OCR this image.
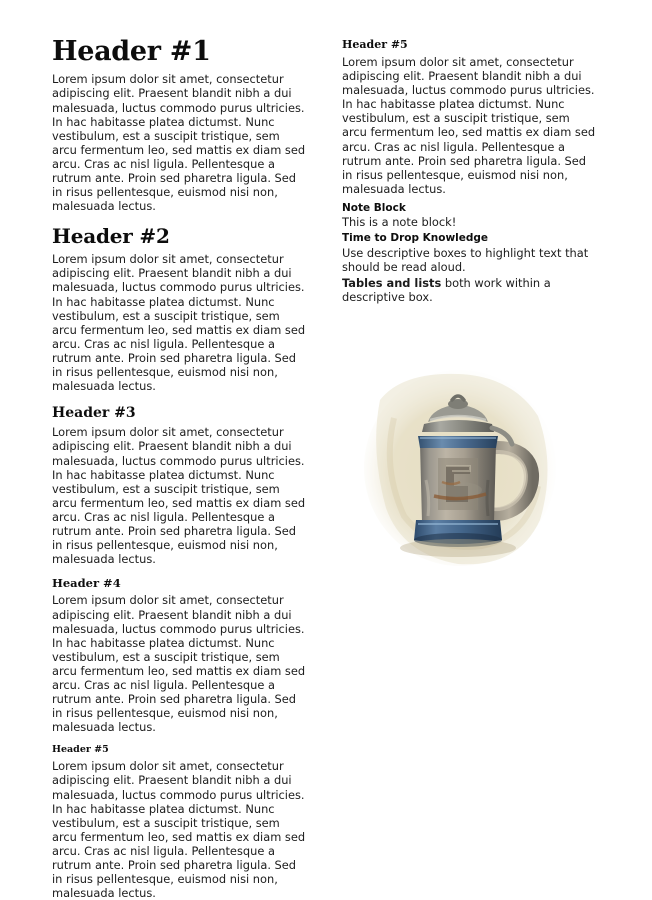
Header #1

Lorem ipsum dolor sit amet, consectetur adipiscing elit. Praesent blandit nibh a dui malesuada, luctus commodo purus ultricies. In hac habitasse platea dictumst. Nunc vestibulum, est a suscipit tristique, sem arcu fermentum leo, sed mattis ex diam sed arcu. Cras ac nisl ligula. Pellentesque a rutrum ante. Proin sed pharetra ligula. Sed in risus pellentesque, euismod nisi non, malesuada lectus.

Header #2

Lorem ipsum dolor sit amet, consectetur adipiscing elit. Praesent blandit nibh a dui malesuada, luctus commodo purus ultricies. In hac habitasse platea dictumst. Nunc vestibulum, est a suscipit tristique, sem arcu fermentum leo, sed mattis ex diam sed arcu. Cras ac nisl ligula. Pellentesque a rutrum ante. Proin sed pharetra ligula. Sed in risus pellentesque, euismod nisi non, malesuada lectus.

Header #3

Lorem ipsum dolor sit amet, consectetur adipiscing elit. Praesent blandit nibh a dui malesuada, luctus commodo purus ultricies. In hac habitasse platea dictumst. Nunc vestibulum, est a suscipit tristique, sem arcu fermentum leo, sed mattis ex diam sed arcu. Cras ac nisl ligula. Pellentesque a rutrum ante. Proin sed pharetra ligula. Sed in risus pellentesque, euismod nisi non, malesuada lectus.

Header #4

Lorem ipsum dolor sit amet, consectetur adipiscing elit. Praesent blandit nibh a dui malesuada, luctus commodo purus ultricies. In hac habitasse platea dictumst. Nunc vestibulum, est a suscipit tristique, sem arcu fermentum leo, sed mattis ex diam sed arcu. Cras ac nisl ligula. Pellentesque a rutrum ante. Proin sed pharetra ligula. Sed in risus pellentesque, euismod nisi non, malesuada lectus.

Header #5

Lorem ipsum dolor sit amet, consectetur adipiscing elit. Praesent blandit nibh a dui malesuada, luctus commodo purus ultricies. In hac habitasse platea dictumst. Nunc vestibulum, est a suscipit tristique, sem arcu fermentum leo, sed mattis ex diam sed arcu. Cras ac nisl ligula. Pellentesque a rutrum ante. Proin sed pharetra ligula. Sed in risus pellentesque, euismod nisi non, malesuada lectus.

Header #5

Lorem ipsum dolor sit amet, consectetur adipiscing elit. Praesent blandit nibh a dui malesuada, luctus commodo purus ultricies. In hac habitasse platea dictumst. Nunc vestibulum, est a suscipit tristique, sem arcu fermentum leo, sed mattis ex diam sed arcu. Cras ac nisl ligula. Pellentesque a rutrum ante. Proin sed pharetra ligula. Sed in risus pellentesque, euismod nisi non, malesuada lectus.

Note Block
This is a note block!
Time to Drop Knowledge
Use descriptive boxes to highlight text that should be read aloud.
Tables and lists both work within a descriptive box.
